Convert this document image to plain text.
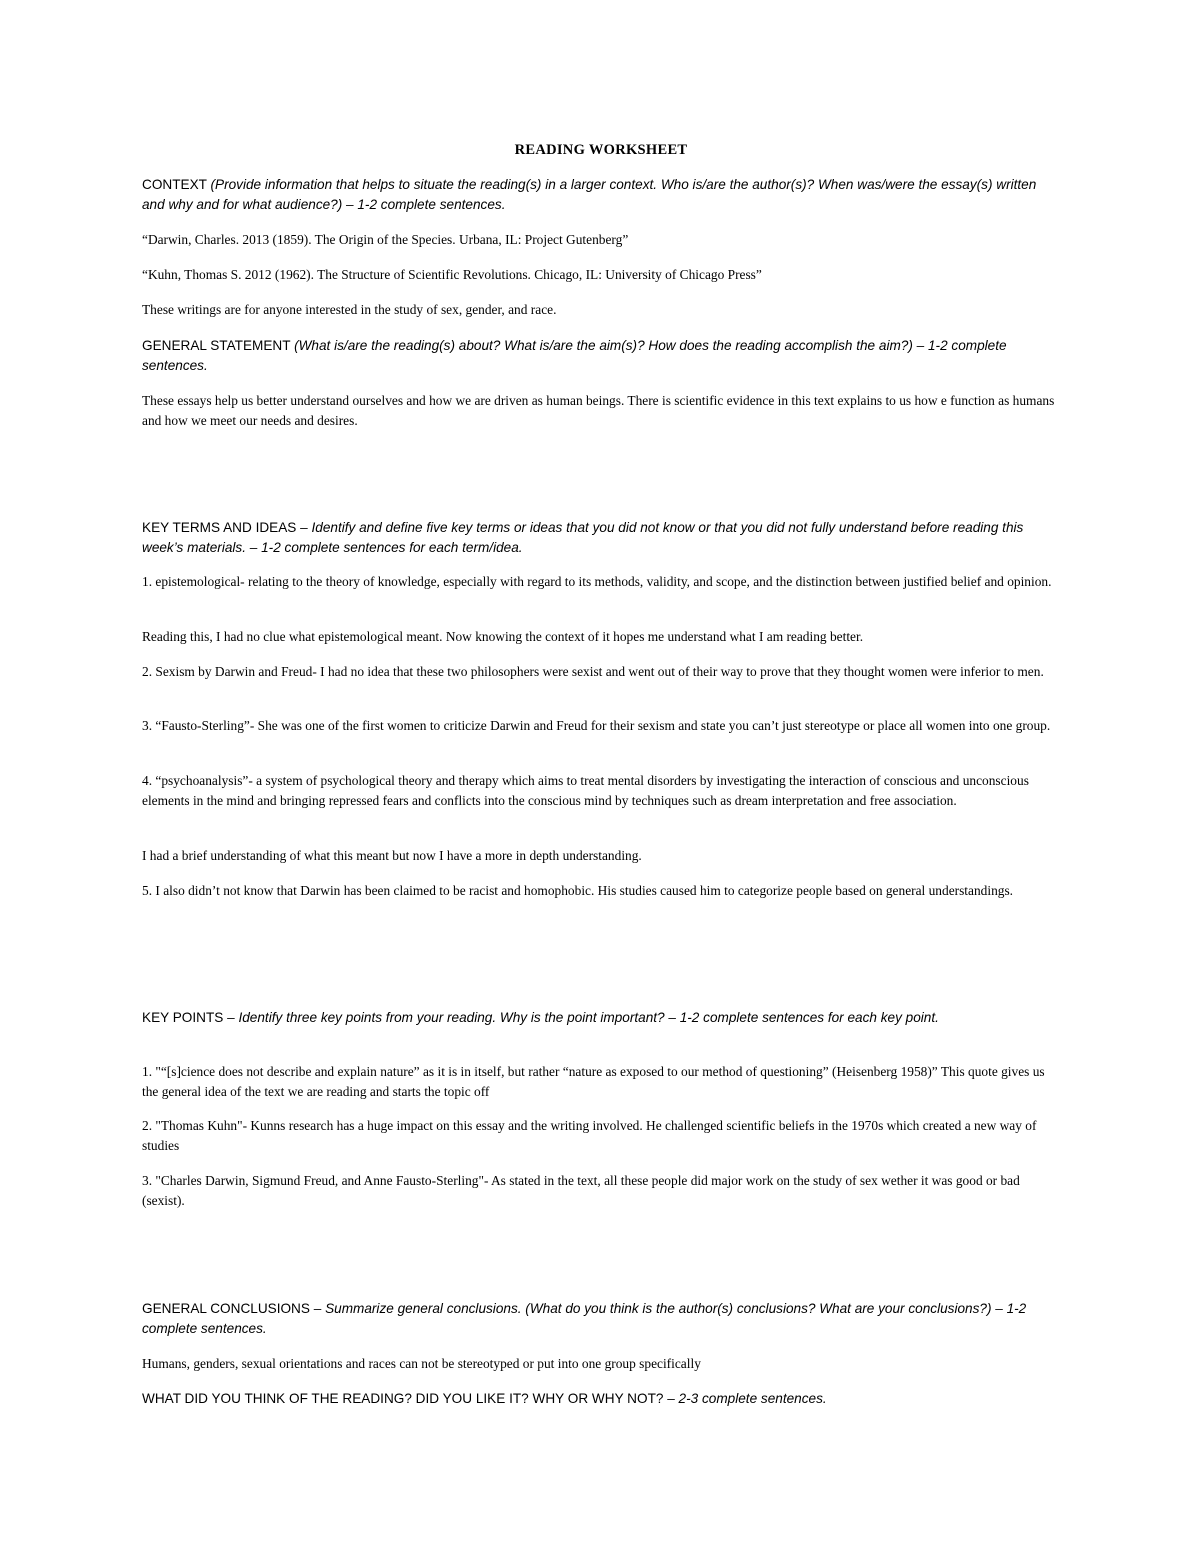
READING WORKSHEET
CONTEXT (Provide information that helps to situate the reading(s) in a larger context. Who is/are the author(s)? When was/were the essay(s) written and why and for what audience?) – 1-2 complete sentences.
“Darwin, Charles. 2013 (1859). The Origin of the Species. Urbana, IL: Project Gutenberg”
“Kuhn, Thomas S. 2012 (1962). The Structure of Scientific Revolutions. Chicago, IL: University of Chicago Press”
These writings are for anyone interested in the study of sex, gender, and race.
GENERAL STATEMENT (What is/are the reading(s) about? What is/are the aim(s)? How does the reading accomplish the aim?) – 1-2 complete sentences.
These essays help us better understand ourselves and how we are driven as human beings. There is scientific evidence in this text explains to us how e function as humans and how we meet our needs and desires.
KEY TERMS AND IDEAS – Identify and define five key terms or ideas that you did not know or that you did not fully understand before reading this week’s materials. – 1-2 complete sentences for each term/idea.
1. epistemological- relating to the theory of knowledge, especially with regard to its methods, validity, and scope, and the distinction between justified belief and opinion.
Reading this, I had no clue what epistemological meant. Now knowing the context of it hopes me understand what I am reading better.
2. Sexism by Darwin and Freud- I had no idea that these two philosophers were sexist and went out of their way to prove that they thought women were inferior to men.
3. “Fausto-Sterling”- She was one of the first women to criticize Darwin and Freud for their sexism and state you can’t just stereotype or place all women into one group.
4. “psychoanalysis”- a system of psychological theory and therapy which aims to treat mental disorders by investigating the interaction of conscious and unconscious elements in the mind and bringing repressed fears and conflicts into the conscious mind by techniques such as dream interpretation and free association.
I had a brief understanding of what this meant but now I have a more in depth understanding.
5. I also didn’t not know that Darwin has been claimed to be racist and homophobic. His studies caused him to categorize people based on general understandings.
KEY POINTS – Identify three key points from your reading. Why is the point important? – 1-2 complete sentences for each key point.
1. "“[s]cience does not describe and explain nature” as it is in itself, but rather “nature as exposed to our method of questioning” (Heisenberg 1958)” This quote gives us the general idea of the text we are reading and starts the topic off
2. "Thomas Kuhn"- Kunns research has a huge impact on this essay and the writing involved. He challenged scientific beliefs in the 1970s which created a new way of studies
3. "Charles Darwin, Sigmund Freud, and Anne Fausto-Sterling"- As stated in the text, all these people did major work on the study of sex wether it was good or bad (sexist).
GENERAL CONCLUSIONS – Summarize general conclusions. (What do you think is the author(s) conclusions? What are your conclusions?) – 1-2 complete sentences.
Humans, genders, sexual orientations and races can not be stereotyped or put into one group specifically
WHAT DID YOU THINK OF THE READING? DID YOU LIKE IT? WHY OR WHY NOT? – 2-3 complete sentences.
